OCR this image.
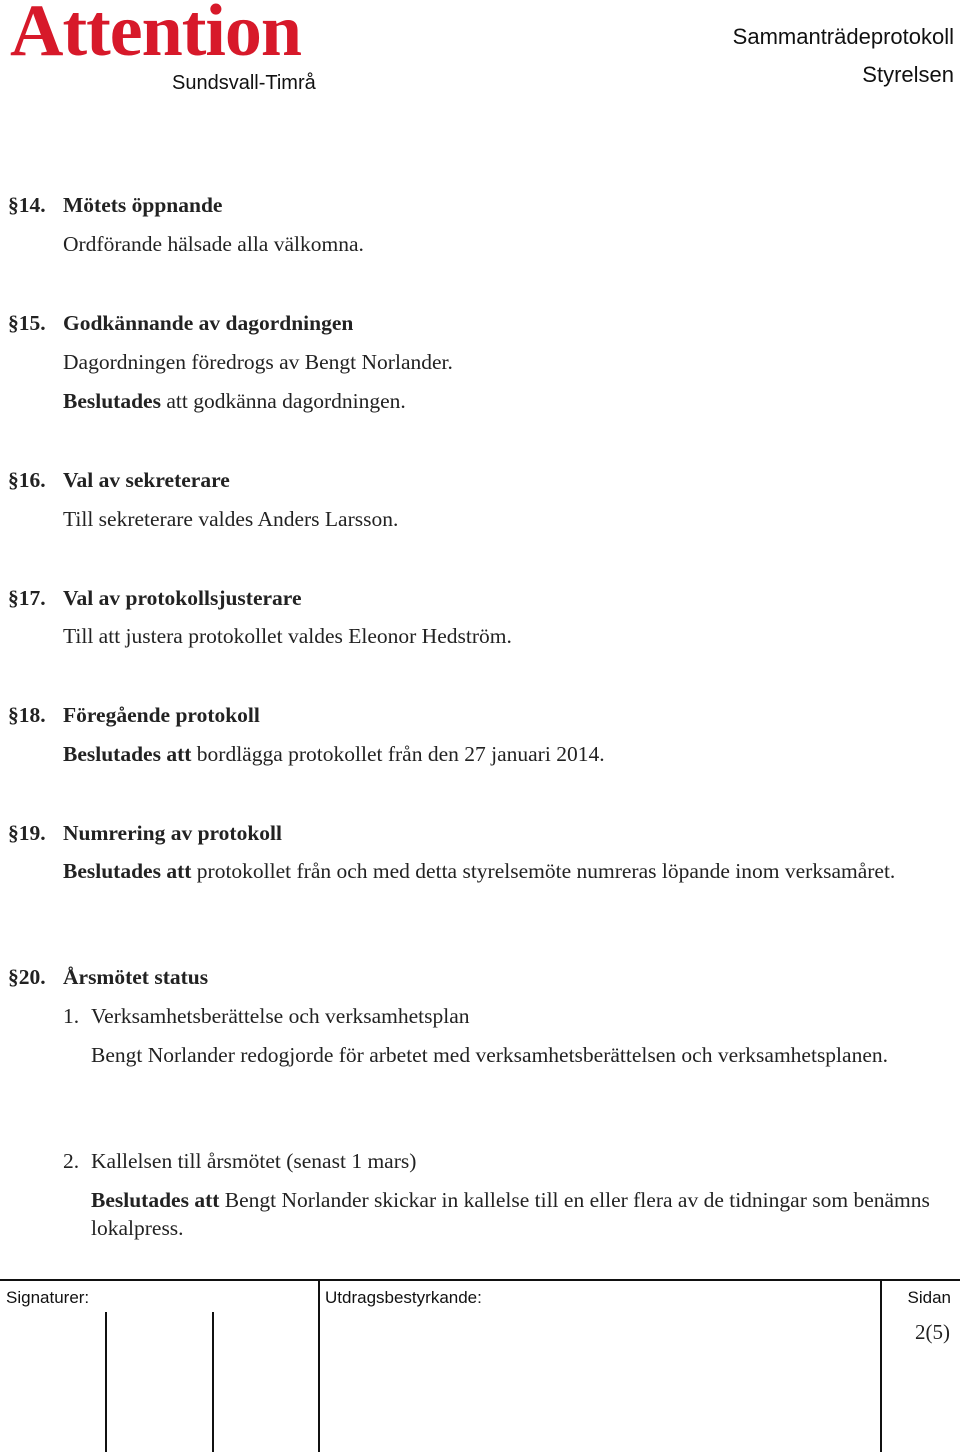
Attention
Sundsvall-Timrå
Sammanträdeprotokoll
Styrelsen
§14. Mötets öppnande
Ordförande hälsade alla välkomna.
§15. Godkännande av dagordningen
Dagordningen föredrogs av Bengt Norlander.
Beslutades att godkänna dagordningen.
§16. Val av sekreterare
Till sekreterare valdes Anders Larsson.
§17. Val av protokollsjusterare
Till att justera protokollet valdes Eleonor Hedström.
§18. Föregående protokoll
Beslutades att bordlägga protokollet från den 27 januari 2014.
§19. Numrering av protokoll
Beslutades att protokollet från och med detta styrelsemöte numreras löpande inom verksamåret.
§20. Årsmötet status
1. Verksamhetsberättelse och verksamhetsplan
Bengt Norlander redogjorde för arbetet med verksamhetsberättelsen och verksamhetsplanen.
2. Kallelsen till årsmötet (senast 1 mars)
Beslutades att Bengt Norlander skickar in kallelse till en eller flera av de tidningar som benämns lokalpress.
Signaturer:	Utdragsbestyrkande:	Sidan
2(5)
